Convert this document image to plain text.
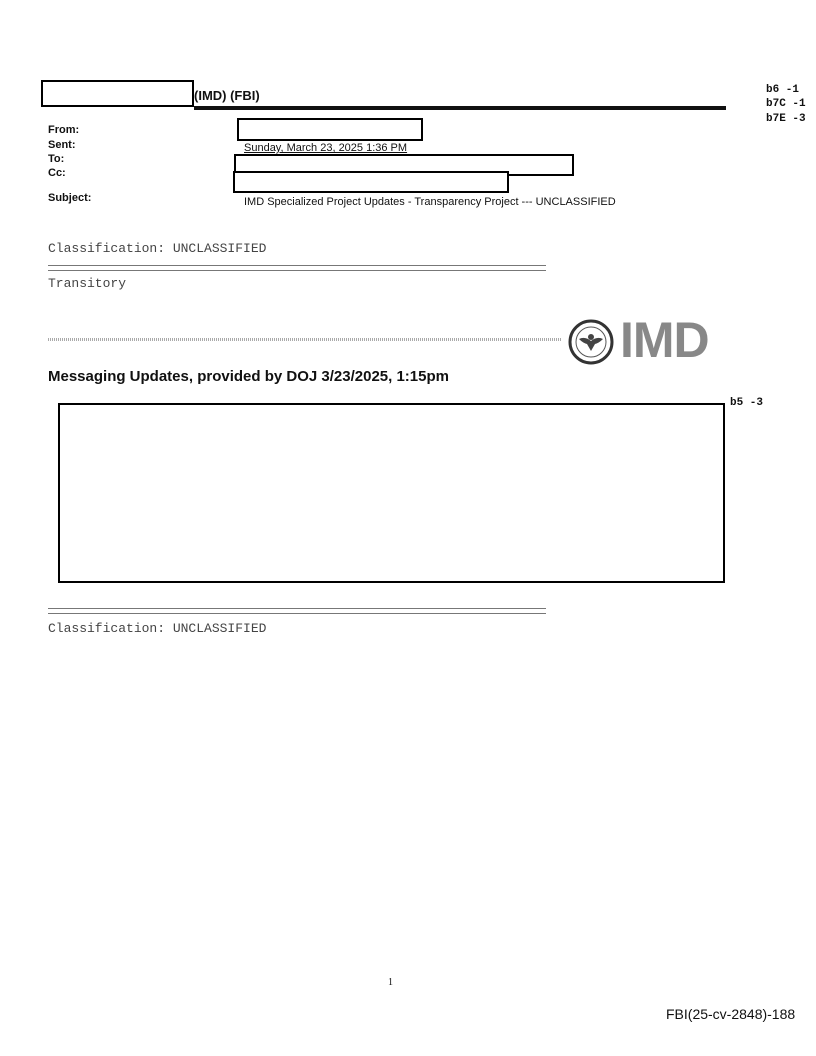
(IMD) (FBI)	b6 -1
b7C -1
b7E -3
From:
Sent:
To:
Cc:
Subject:
Sunday, March 23, 2025 1:36 PM
IMD Specialized Project Updates - Transparency Project --- UNCLASSIFIED
Classification: UNCLASSIFIED
Transitory
IMD
Messaging Updates, provided by DOJ 3/23/2025, 1:15pm
b5 -3
Classification: UNCLASSIFIED
1
FBI(25-cv-2848)-188
